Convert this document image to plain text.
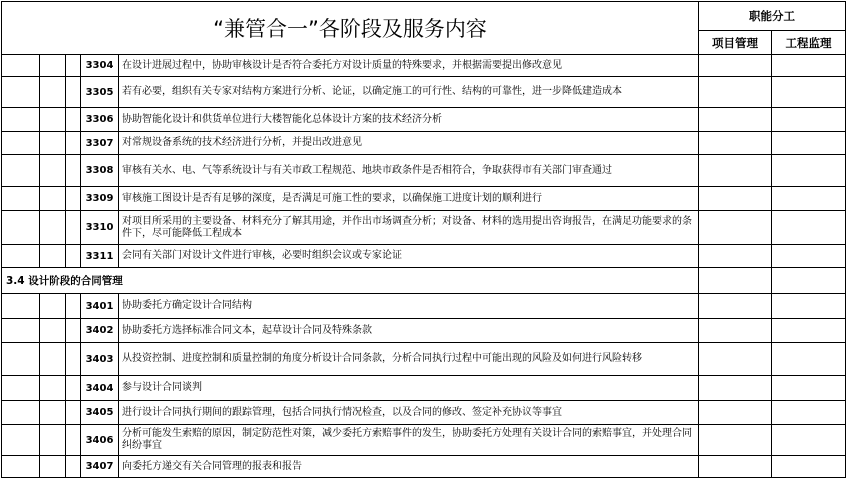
“兼管合一”各阶段及服务内容					职能分工	
					项目管理	工程监理
			3304	在设计进展过程中，协助审核设计是否符合委托方对设计质量的特殊要求，并根据需要提出修改意见		
			3305	若有必要，组织有关专家对结构方案进行分析、论证，以确定施工的可行性、结构的可靠性，进一步降低建造成本		
			3306	协助智能化设计和供货单位进行大楼智能化总体设计方案的技术经济分析		
			3307	对常规设备系统的技术经济进行分析，并提出改进意见		
			3308	审核有关水、电、气等系统设计与有关市政工程规范、地块市政条件是否相符合，争取获得市有关部门审查通过		
			3309	审核施工图设计是否有足够的深度，是否满足可施工性的要求，以确保施工进度计划的顺利进行		
			3310	对项目所采用的主要设备、材料充分了解其用途，并作出市场调查分析；对设备、材料的选用提出咨询报告，在满足功能要求的条件下，尽可能降低工程成本		
			3311	会同有关部门对设计文件进行审核，必要时组织会议或专家论证		
3.4 设计阶段的合同管理						
			3401	协助委托方确定设计合同结构		
			3402	协助委托方选择标准合同文本，起草设计合同及特殊条款		
			3403	从投资控制、进度控制和质量控制的角度分析设计合同条款，分析合同执行过程中可能出现的风险及如何进行风险转移		
			3404	参与设计合同谈判		
			3405	进行设计合同执行期间的跟踪管理，包括合同执行情况检查，以及合同的修改、签定补充协议等事宜		
			3406	分析可能发生索赔的原因，制定防范性对策，减少委托方索赔事件的发生，协助委托方处理有关设计合同的索赔事宜，并处理合同纠纷事宜		
			3407	向委托方递交有关合同管理的报表和报告		
